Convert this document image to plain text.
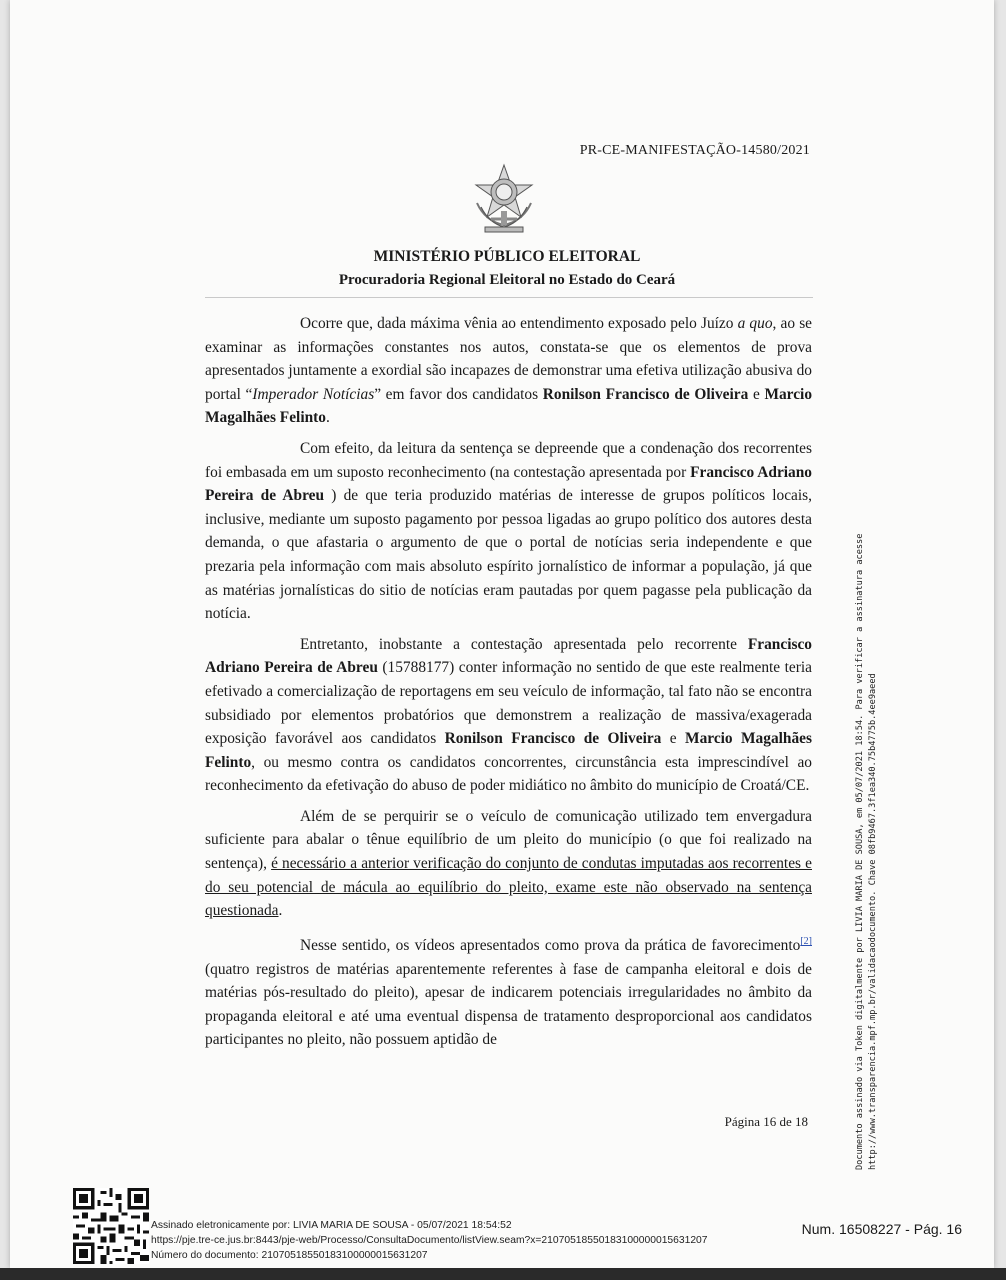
PR-CE-MANIFESTAÇÃO-14580/2021
MINISTÉRIO PÚBLICO ELEITORAL
Procuradoria Regional Eleitoral no Estado do Ceará

Ocorre que, dada máxima vênia ao entendimento exposado pelo Juízo a quo, ao se examinar as informações constantes nos autos, constata-se que os elementos de prova apresentados juntamente a exordial são incapazes de demonstrar uma efetiva utilização abusiva do portal “Imperador Notícias” em favor dos candidatos Ronilson Francisco de Oliveira e Marcio Magalhães Felinto.

Com efeito, da leitura da sentença se depreende que a condenação dos recorrentes foi embasada em um suposto reconhecimento (na contestação apresentada por Francisco Adriano Pereira de Abreu ) de que teria produzido matérias de interesse de grupos políticos locais, inclusive, mediante um suposto pagamento por pessoa ligadas ao grupo político dos autores desta demanda, o que afastaria o argumento de que o portal de notícias seria independente e que prezaria pela informação com mais absoluto espírito jornalístico de informar a população, já que as matérias jornalísticas do sitio de notícias eram pautadas por quem pagasse pela publicação da notícia.

Entretanto, inobstante a contestação apresentada pelo recorrente Francisco Adriano Pereira de Abreu (15788177) conter informação no sentido de que este realmente teria efetivado a comercialização de reportagens em seu veículo de informação, tal fato não se encontra subsidiado por elementos probatórios que demonstrem a realização de massiva/exagerada exposição favorável aos candidatos Ronilson Francisco de Oliveira e Marcio Magalhães Felinto, ou mesmo contra os candidatos concorrentes, circunstância esta imprescindível ao reconhecimento da efetivação do abuso de poder midiático no âmbito do município de Croatá/CE.

Além de se perquirir se o veículo de comunicação utilizado tem envergadura suficiente para abalar o tênue equilíbrio de um pleito do município (o que foi realizado na sentença), é necessário a anterior verificação do conjunto de condutas imputadas aos recorrentes e do seu potencial de mácula ao equilíbrio do pleito, exame este não observado na sentença questionada.

Nesse sentido, os vídeos apresentados como prova da prática de favorecimento[2] (quatro registros de matérias aparentemente referentes à fase de campanha eleitoral e dois de matérias pós-resultado do pleito), apesar de indicarem potenciais irregularidades no âmbito da propaganda eleitoral e até uma eventual dispensa de tratamento desproporcional aos candidatos participantes no pleito, não possuem aptidão de

Página 16 de 18	Documento assinado via Token digitalmente por LIVIA MARIA DE SOUSA, em 05/07/2021 18:54. Para verificar a assinatura acesse http://www.transparencia.mpf.mp.br/validacaodocumento. Chave 08fb9467.3f1ea340.75b4775b.4ee9aeed
Assinado eletronicamente por: LIVIA MARIA DE SOUSA - 05/07/2021 18:54:52
https://pje.tre-ce.jus.br:8443/pje-web/Processo/ConsultaDocumento/listView.seam?x=21070518550183100000015631207
Número do documento: 21070518550183100000015631207
Num. 16508227 - Pág. 16
